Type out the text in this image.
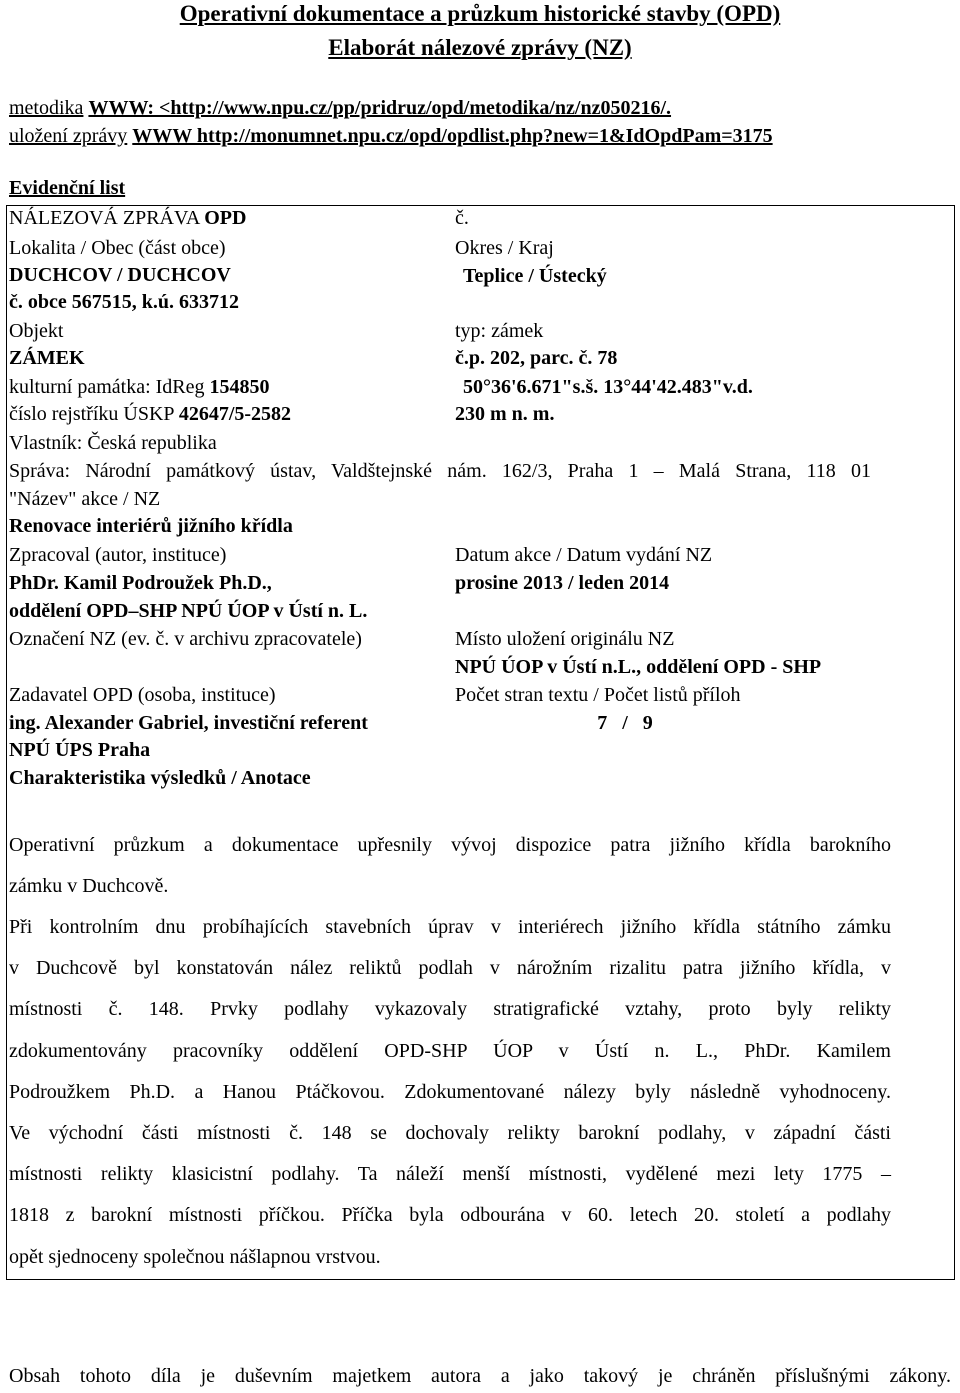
Operativní dokumentace a průzkum historické stavby (OPD)
Elaborát nálezové zprávy (NZ)
metodika WWW: <http://www.npu.cz/pp/pridruz/opd/metodika/nz/nz050216/.
uložení zprávy WWW http://monumnet.npu.cz/opd/opdlist.php?new=1&IdOpdPam=3175
Evidenční list
NÁLEZOVÁ ZPRÁVA OPD	č.
Lokalita / Obec (část obce)
DUCHCOV / DUCHCOV
č. obce 567515, k.ú. 633712
Okres / Kraj
Teplice / Ústecký
Objekt
ZÁMEK
typ: zámek
č.p. 202, parc. č. 78
kulturní památka: IdReg 154850
číslo rejstříku ÚSKP 42647/5-2582
50°36'6.671"s.š. 13°44'42.483"v.d.
230 m n. m.
Vlastník: Česká republika
Správa: Národní památkový ústav, Valdštejnské nám. 162/3, Praha 1 – Malá Strana, 118 01
"Název" akce / NZ
Renovace interiérů jižního křídla
Zpracoval (autor, instituce)
PhDr. Kamil Podroužek Ph.D.,
oddělení OPD–SHP NPÚ ÚOP v Ústí n. L.
Datum akce / Datum vydání NZ
prosine 2013 / leden 2014
Označení NZ (ev. č. v archivu zpracovatele)	Místo uložení originálu NZ
NPÚ ÚOP v Ústí n.L., oddělení OPD - SHP
Zadavatel OPD (osoba, instituce)
ing. Alexander Gabriel, investiční referent
NPÚ ÚPS Praha
Počet stran textu / Počet listů příloh
7   /   9
Charakteristika výsledků / Anotace
Operativní průzkum a dokumentace upřesnily vývoj dispozice patra jižního křídla barokního
zámku v Duchcově.
Při kontrolním dnu probíhajících stavebních úprav v interiérech jižního křídla státního zámku
v Duchcově byl konstatován nález reliktů podlah v nárožním rizalitu patra jižního křídla, v
místnosti č. 148. Prvky podlahy vykazovaly stratigrafické vztahy, proto byly relikty
zdokumentovány pracovníky oddělení OPD-SHP ÚOP v Ústí n. L., PhDr. Kamilem
Podroužkem Ph.D. a Hanou Ptáčkovou. Zdokumentované nálezy byly následně vyhodnoceny.
Ve východní části místnosti č. 148 se dochovaly relikty barokní podlahy, v západní části
místnosti relikty klasicistní podlahy. Ta náleží menší místnosti, vydělené mezi lety 1775 –
1818 z barokní místnosti příčkou. Příčka byla odbourána v 60. letech 20. století a podlahy
opět sjednoceny společnou nášlapnou vrstvou.
Obsah tohoto díla je duševním majetkem autora a jako takový je chráněn příslušnými zákony.
